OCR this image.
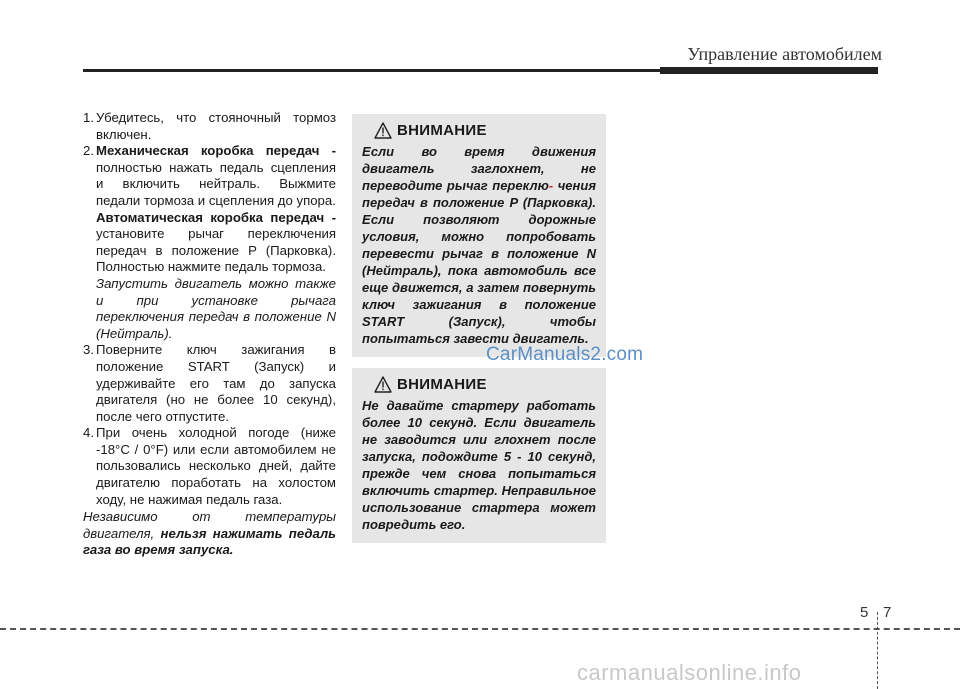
Управление автомобилем
1. Убедитесь, что стояночный тормоз включен.
2. Механическая коробка передач - полностью нажать педаль сцепления и включить нейтраль. Выжмите педали тормоза и сцепления до упора.

Автоматическая коробка передач - установите рычаг переключения передач в положение P (Парковка). Полностью нажмите педаль тормоза.

Запустить двигатель можно также и при установке рычага переключения передач в положение N (Нейтраль).

3. Поверните ключ зажигания в положение START (Запуск) и удерживайте его там до запуска двигателя (но не более 10 секунд), после чего отпустите.
4. При очень холодной погоде (ниже -18°C / 0°F) или если автомобилем не пользовались несколько дней, дайте двигателю поработать на холостом ходу, не нажимая педаль газа.

Независимо от температуры двигателя, нельзя нажимать педаль газа во время запуска.

ВНИМАНИЕ

Если во время движения двигатель заглохнет, не переводите рычаг переклю- чения передач в положение P (Парковка). Если позволяют дорожные условия, можно попробовать перевести рычаг в положение N (Нейтраль), пока автомобиль все еще движется, а затем повернуть ключ зажигания в положение START (Запуск), чтобы попытаться завести двигатель.

CarManuals2.com
ВНИМАНИЕ

Не давайте стартеру работать более 10 секунд. Если двигатель не заводится или глохнет после запуска, подождите 5 - 10 секунд, прежде чем снова попытаться включить стартер. Неправильное использование стартера может повредить его.

5 7
carmanualsonline.info
